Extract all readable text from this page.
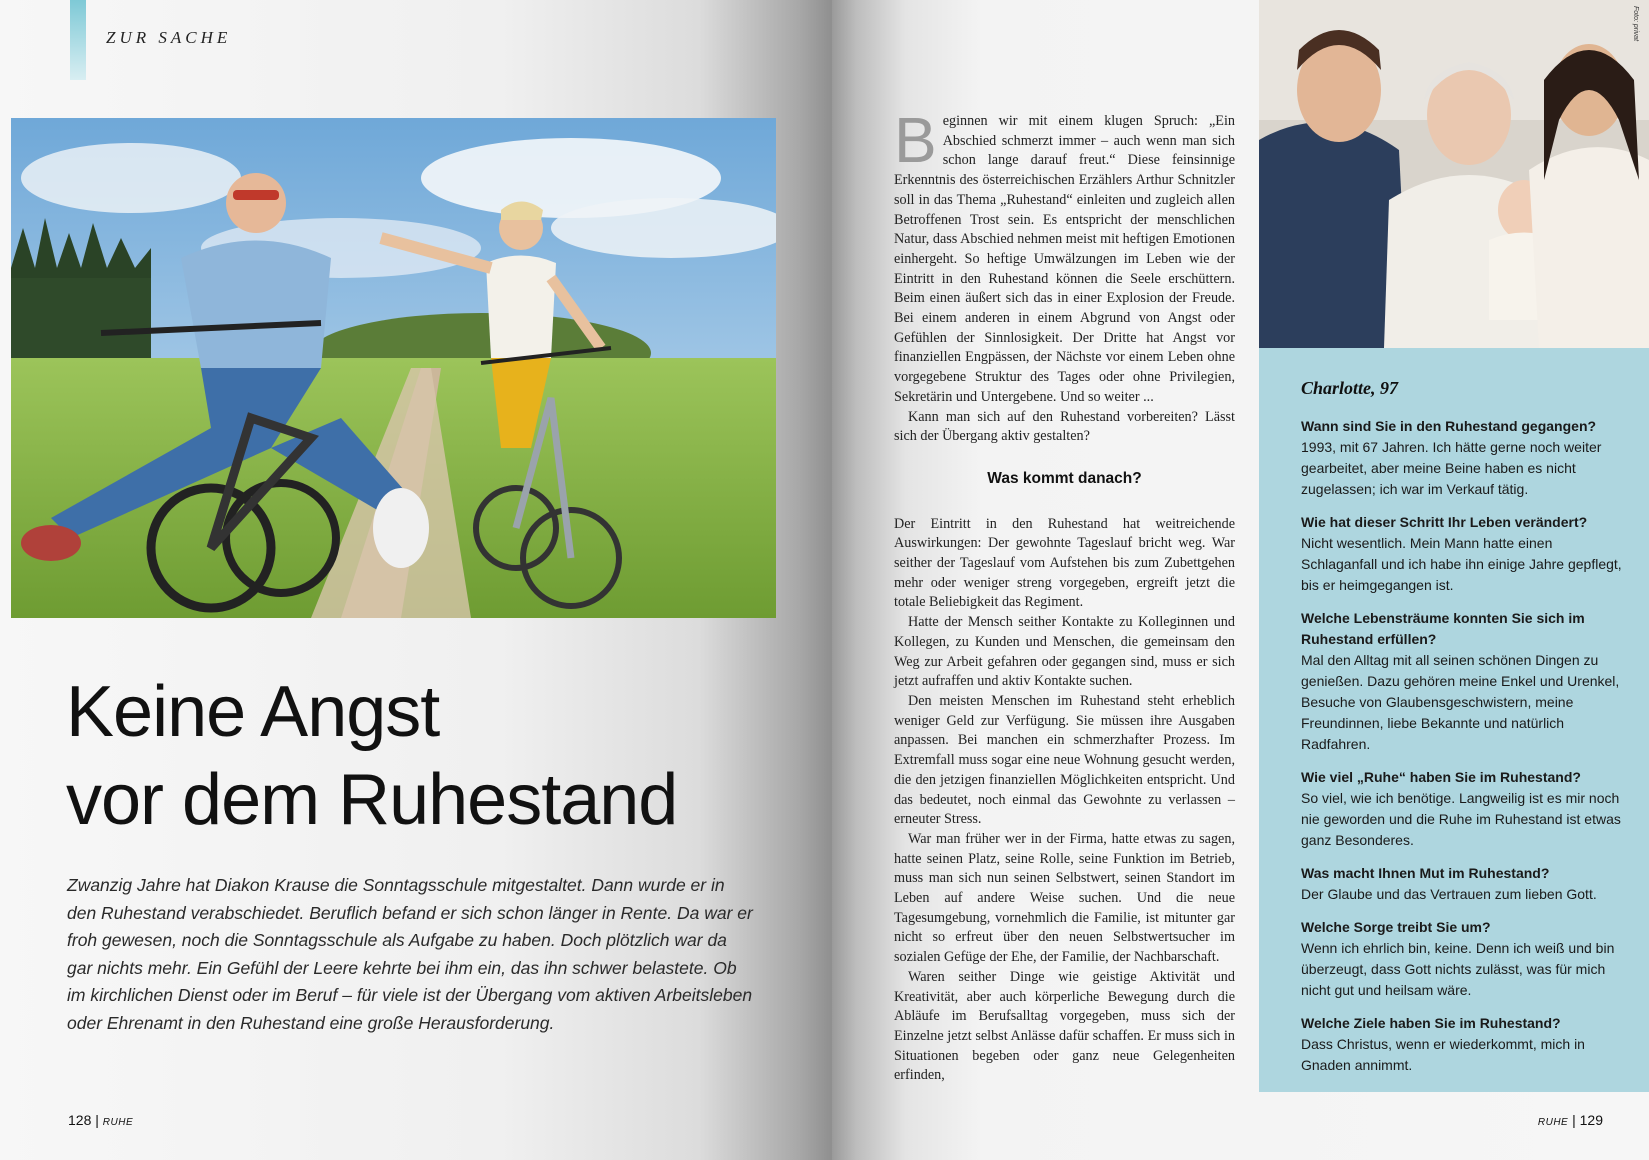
ZUR SACHE
Keine Angst
vor dem Ruhestand

Zwanzig Jahre hat Diakon Krause die Sonntagsschule mitgestaltet. Dann wurde er in den Ruhestand verabschiedet. Beruflich befand er sich schon länger in Rente. Da war er froh gewesen, noch die Sonntagsschule als Aufgabe zu haben. Doch plötzlich war da gar nichts mehr. Ein Gefühl der Leere kehrte bei ihm ein, das ihn schwer belastete. Ob im kirchlichen Dienst oder im Beruf – für viele ist der Übergang vom aktiven Arbeitsleben oder Ehrenamt in den Ruhestand eine große Herausforderung.

128 | RUHE

Beginnen wir mit einem klugen Spruch: „Ein Abschied schmerzt immer – auch wenn man sich schon lange darauf freut.“ Diese feinsinnige Erkenntnis des österreichischen Erzählers Arthur Schnitzler soll in das Thema „Ruhestand“ einleiten und zugleich allen Betroffenen Trost sein. Es entspricht der menschlichen Natur, dass Abschied nehmen meist mit heftigen Emotionen einhergeht. So heftige Umwälzungen im Leben wie der Eintritt in den Ruhestand können die Seele erschüttern. Beim einen äußert sich das in einer Explosion der Freude. Bei einem anderen in einem Abgrund von Angst oder Gefühlen der Sinnlosigkeit. Der Dritte hat Angst vor finanziellen Engpässen, der Nächste vor einem Leben ohne vorgegebene Struktur des Tages oder ohne Privilegien, Sekretärin und Untergebene. Und so weiter ...

Kann man sich auf den Ruhestand vorbereiten? Lässt sich der Übergang aktiv gestalten?

Was kommt danach?

Der Eintritt in den Ruhestand hat weitreichende Auswirkungen: Der gewohnte Tageslauf bricht weg. War seither der Tageslauf vom Aufstehen bis zum Zubettgehen mehr oder weniger streng vorgegeben, ergreift jetzt die totale Beliebigkeit das Regiment.

Hatte der Mensch seither Kontakte zu Kolleginnen und Kollegen, zu Kunden und Menschen, die gemeinsam den Weg zur Arbeit gefahren oder gegangen sind, muss er sich jetzt aufraffen und aktiv Kontakte suchen.

Den meisten Menschen im Ruhestand steht erheblich weniger Geld zur Verfügung. Sie müssen ihre Ausgaben anpassen. Bei manchen ein schmerzhafter Prozess. Im Extremfall muss sogar eine neue Wohnung gesucht werden, die den jetzigen finanziellen Möglichkeiten entspricht. Und das bedeutet, noch einmal das Gewohnte zu verlassen – erneuter Stress.

War man früher wer in der Firma, hatte etwas zu sagen, hatte seinen Platz, seine Rolle, seine Funktion im Betrieb, muss man sich nun seinen Selbstwert, seinen Standort im Leben auf andere Weise suchen. Und die neue Tagesumgebung, vornehmlich die Familie, ist mitunter gar nicht so erfreut über den neuen Selbstwertsucher im sozialen Gefüge der Ehe, der Familie, der Nachbarschaft.

Waren seither Dinge wie geistige Aktivität und Kreativität, aber auch körperliche Bewegung durch die Abläufe im Berufsalltag vorgegeben, muss sich der Einzelne jetzt selbst Anlässe dafür schaffen. Er muss sich in Situationen begeben oder ganz neue Gelegenheiten erfinden,

Foto: privat
Charlotte, 97
Wann sind Sie in den Ruhestand gegangen?
1993, mit 67 Jahren. Ich hätte gerne noch weiter gearbeitet, aber meine Beine haben es nicht zugelassen; ich war im Verkauf tätig.
Wie hat dieser Schritt Ihr Leben verändert?
Nicht wesentlich. Mein Mann hatte einen Schlaganfall und ich habe ihn einige Jahre gepflegt, bis er heimgegangen ist.
Welche Lebensträume konnten Sie sich im Ruhestand erfüllen?
Mal den Alltag mit all seinen schönen Dingen zu genießen. Dazu gehören meine Enkel und Urenkel, Besuche von Glaubensgeschwistern, meine Freundinnen, liebe Bekannte und natürlich Radfahren.
Wie viel „Ruhe“ haben Sie im Ruhestand?
So viel, wie ich benötige. Langweilig ist es mir noch nie geworden und die Ruhe im Ruhestand ist etwas ganz Besonderes.
Was macht Ihnen Mut im Ruhestand?
Der Glaube und das Vertrauen zum lieben Gott.
Welche Sorge treibt Sie um?
Wenn ich ehrlich bin, keine. Denn ich weiß und bin überzeugt, dass Gott nichts zulässt, was für mich nicht gut und heilsam wäre.
Welche Ziele haben Sie im Ruhestand?
Dass Christus, wenn er wiederkommt, mich in Gnaden annimmt.
RUHE | 129
